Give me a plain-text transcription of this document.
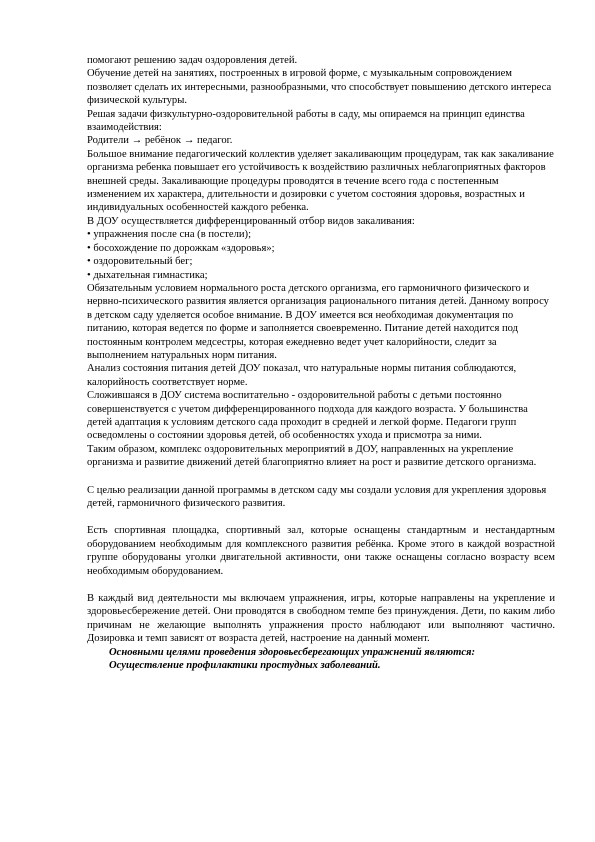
помогают решению задач оздоровления детей.

Обучение детей на занятиях, построенных в игровой форме, с музыкальным сопровождением позволяет сделать их интересными, разнообразными, что способствует повышению детского интереса физической культуры.

Решая задачи физкультурно-оздоровительной работы в саду, мы опираемся на принцип единства взаимодействия:

Родители → ребёнок → педагог.

Большое внимание педагогический коллектив уделяет закаливающим процедурам, так как закаливание организма ребенка повышает его устойчивость к воздействию различных неблагоприятных факторов внешней среды. Закаливающие процедуры проводятся в течение всего года с постепенным изменением их характера, длительности и дозировки с учетом состояния здоровья, возрастных и индивидуальных особенностей каждого ребенка.

В ДОУ осуществляется дифференцированный отбор видов закаливания:

• упражнения после сна (в постели);

• босохождение по дорожкам «здоровья»;

• оздоровительный бег;

• дыхательная гимнастика;

Обязательным условием нормального роста детского организма, его гармоничного физического и нервно-психического развития является организация рационального питания детей. Данному вопросу в детском саду уделяется особое внимание. В ДОУ имеется вся необходимая документация по питанию, которая ведется по форме и заполняется своевременно. Питание детей находится под постоянным контролем медсестры, которая ежедневно ведет учет калорийности, следит за выполнением натуральных норм питания.

Анализ состояния питания детей ДОУ показал, что натуральные нормы питания соблюдаются, калорийность соответствует норме.

Сложившаяся в ДОУ система воспитательно - оздоровительной работы с детьми постоянно совершенствуется с учетом дифференцированного подхода для каждого возраста. У большинства детей адаптация к условиям детского сада проходит в средней и легкой форме. Педагоги групп осведомлены о состоянии здоровья детей, об особенностях ухода и присмотра за ними.

Таким образом, комплекс оздоровительных мероприятий в ДОУ, направленных на укрепление организма и развитие движений детей благоприятно влияет на рост и развитие детского организма.

С целью реализации данной программы в детском саду мы создали условия для укрепления здоровья детей, гармоничного физического развития.

Есть спортивная площадка, спортивный зал, которые оснащены стандартным и нестандартным оборудованием необходимым для комплексного развития ребёнка. Кроме этого в каждой возрастной группе оборудованы уголки двигательной активности, они также оснащены согласно возрасту всем необходимым оборудованием.

В каждый вид деятельности мы включаем упражнения, игры, которые направлены на укрепление и здоровьесбережение детей. Они проводятся в свободном темпе без принуждения. Дети, по каким либо причинам не желающие выполнять упражнения просто наблюдают или выполняют частично. Дозировка и темп зависят от возраста детей, настроение на данный момент.

Основными целями проведения здоровьесберегающих упражнений являются:

Осуществление профилактики простудных заболеваний.
